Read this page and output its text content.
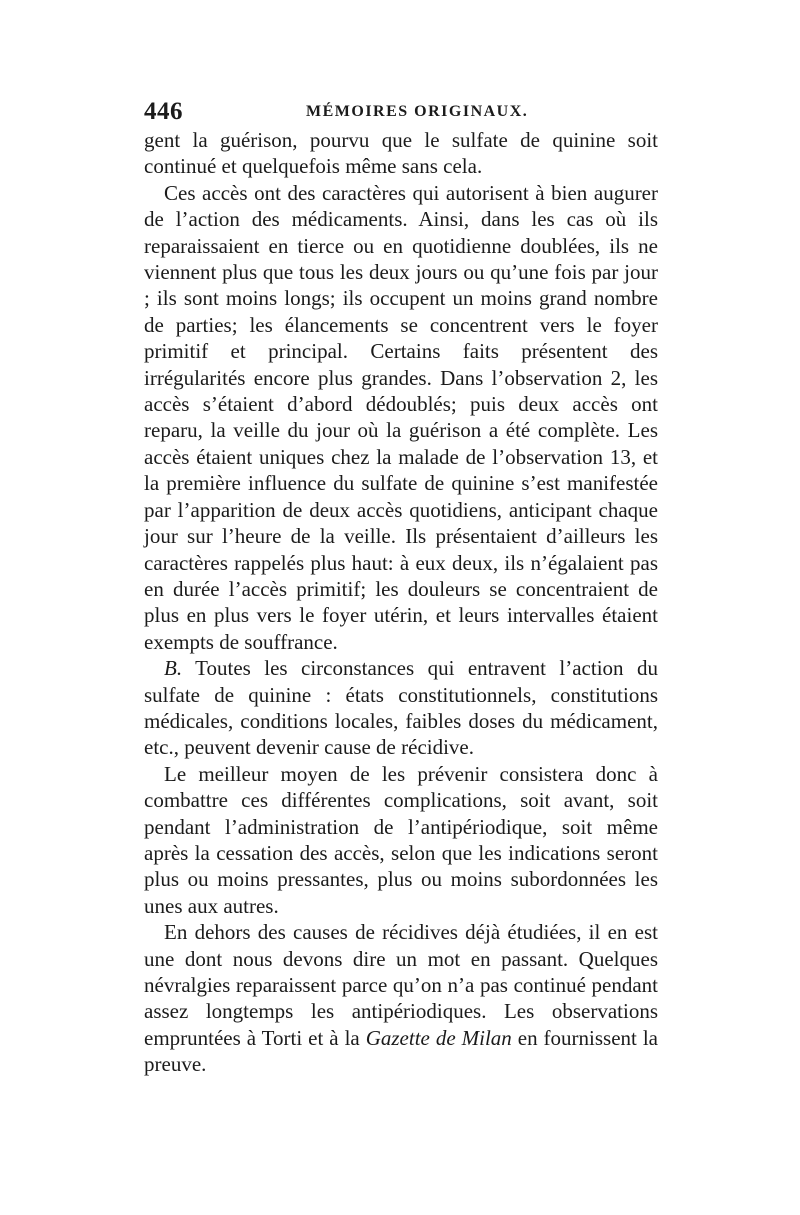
446	MÉMOIRES ORIGINAUX.

gent la guérison, pourvu que le sulfate de quinine soit continué et quelquefois même sans cela.

Ces accès ont des caractères qui autorisent à bien augurer de l’action des médicaments. Ainsi, dans les cas où ils reparaissaient en tierce ou en quotidienne doublées, ils ne viennent plus que tous les deux jours ou qu’une fois par jour ; ils sont moins longs; ils occupent un moins grand nombre de parties; les élancements se concentrent vers le foyer primitif et principal. Certains faits présentent des irrégularités encore plus grandes. Dans l’observation 2, les accès s’étaient d’abord dédoublés; puis deux accès ont reparu, la veille du jour où la guérison a été complète. Les accès étaient uniques chez la malade de l’observation 13, et la première influence du sulfate de quinine s’est manifestée par l’apparition de deux accès quotidiens, anticipant chaque jour sur l’heure de la veille. Ils présentaient d’ailleurs les caractères rappelés plus haut: à eux deux, ils n’égalaient pas en durée l’accès primitif; les douleurs se concentraient de plus en plus vers le foyer utérin, et leurs intervalles étaient exempts de souffrance.

B. Toutes les circonstances qui entravent l’action du sulfate de quinine : états constitutionnels, constitutions médicales, conditions locales, faibles doses du médicament, etc., peuvent devenir cause de récidive.

Le meilleur moyen de les prévenir consistera donc à combattre ces différentes complications, soit avant, soit pendant l’administration de l’antipériodique, soit même après la cessation des accès, selon que les indications seront plus ou moins pressantes, plus ou moins subordonnées les unes aux autres.

En dehors des causes de récidives déjà étudiées, il en est une dont nous devons dire un mot en passant. Quelques névralgies reparaissent parce qu’on n’a pas continué pendant assez longtemps les antipériodiques. Les observations empruntées à Torti et à la Gazette de Milan en fournissent la preuve.
